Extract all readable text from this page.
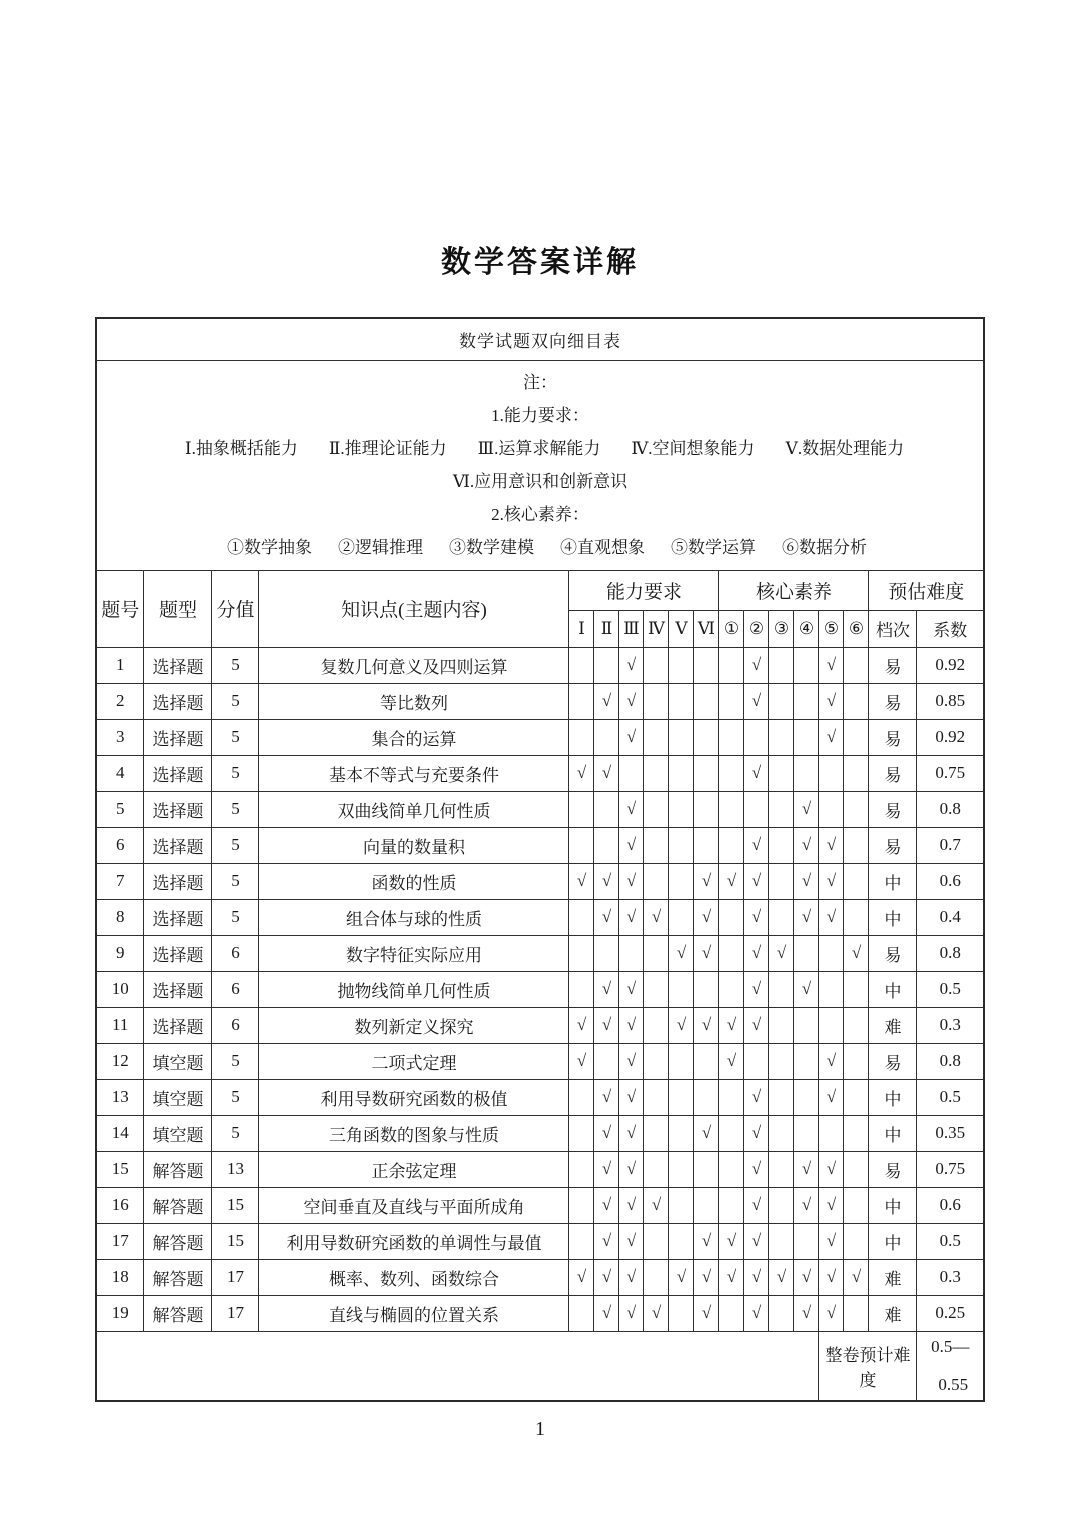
数学答案详解
数学试题双向细目表																	

注：
1.能力要求：
Ⅰ.抽象概括能力 Ⅱ.推理论证能力 Ⅲ.运算求解能力 Ⅳ.空间想象能力 Ⅴ.数据处理能力
Ⅵ.应用意识和创新意识
2.核心素养：
①数学抽象 ②逻辑推理 ③数学建模 ④直观想象 ⑤数学运算 ⑥数据分析

题号	题型	分值	知识点(主题内容)	能力要求						核心素养						预估难度	
				Ⅰ	Ⅱ	Ⅲ	Ⅳ	Ⅴ	Ⅵ	①	②	③	④	⑤	⑥	档次	系数
1	选择题	5	复数几何意义及四则运算			√					√			√		易	0.92
2	选择题	5	等比数列		√	√					√			√		易	0.85
3	选择题	5	集合的运算			√								√		易	0.92
4	选择题	5	基本不等式与充要条件	√	√						√					易	0.75
5	选择题	5	双曲线简单几何性质			√							√			易	0.8
6	选择题	5	向量的数量积			√					√		√	√		易	0.7
7	选择题	5	函数的性质	√	√	√			√	√	√		√	√		中	0.6
8	选择题	5	组合体与球的性质		√	√	√		√		√		√	√		中	0.4
9	选择题	6	数字特征实际应用					√	√		√	√			√	易	0.8
10	选择题	6	抛物线简单几何性质		√	√					√		√			中	0.5
11	选择题	6	数列新定义探究	√	√	√		√	√	√	√					难	0.3
12	填空题	5	二项式定理	√		√				√				√		易	0.8
13	填空题	5	利用导数研究函数的极值		√	√					√			√		中	0.5
14	填空题	5	三角函数的图象与性质		√	√			√		√					中	0.35
15	解答题	13	正余弦定理		√	√					√		√	√		易	0.75
16	解答题	15	空间垂直及直线与平面所成角		√	√	√				√		√	√		中	0.6
17	解答题	15	利用导数研究函数的单调性与最值		√	√			√	√	√			√		中	0.5
18	解答题	17	概率、数列、函数综合	√	√	√		√	√	√	√	√	√	√	√	难	0.3
19	解答题	17	直线与椭圆的位置关系		√	√	√		√		√		√	√		难	0.25
														整卷预计难度			0.5—
0.55
1
